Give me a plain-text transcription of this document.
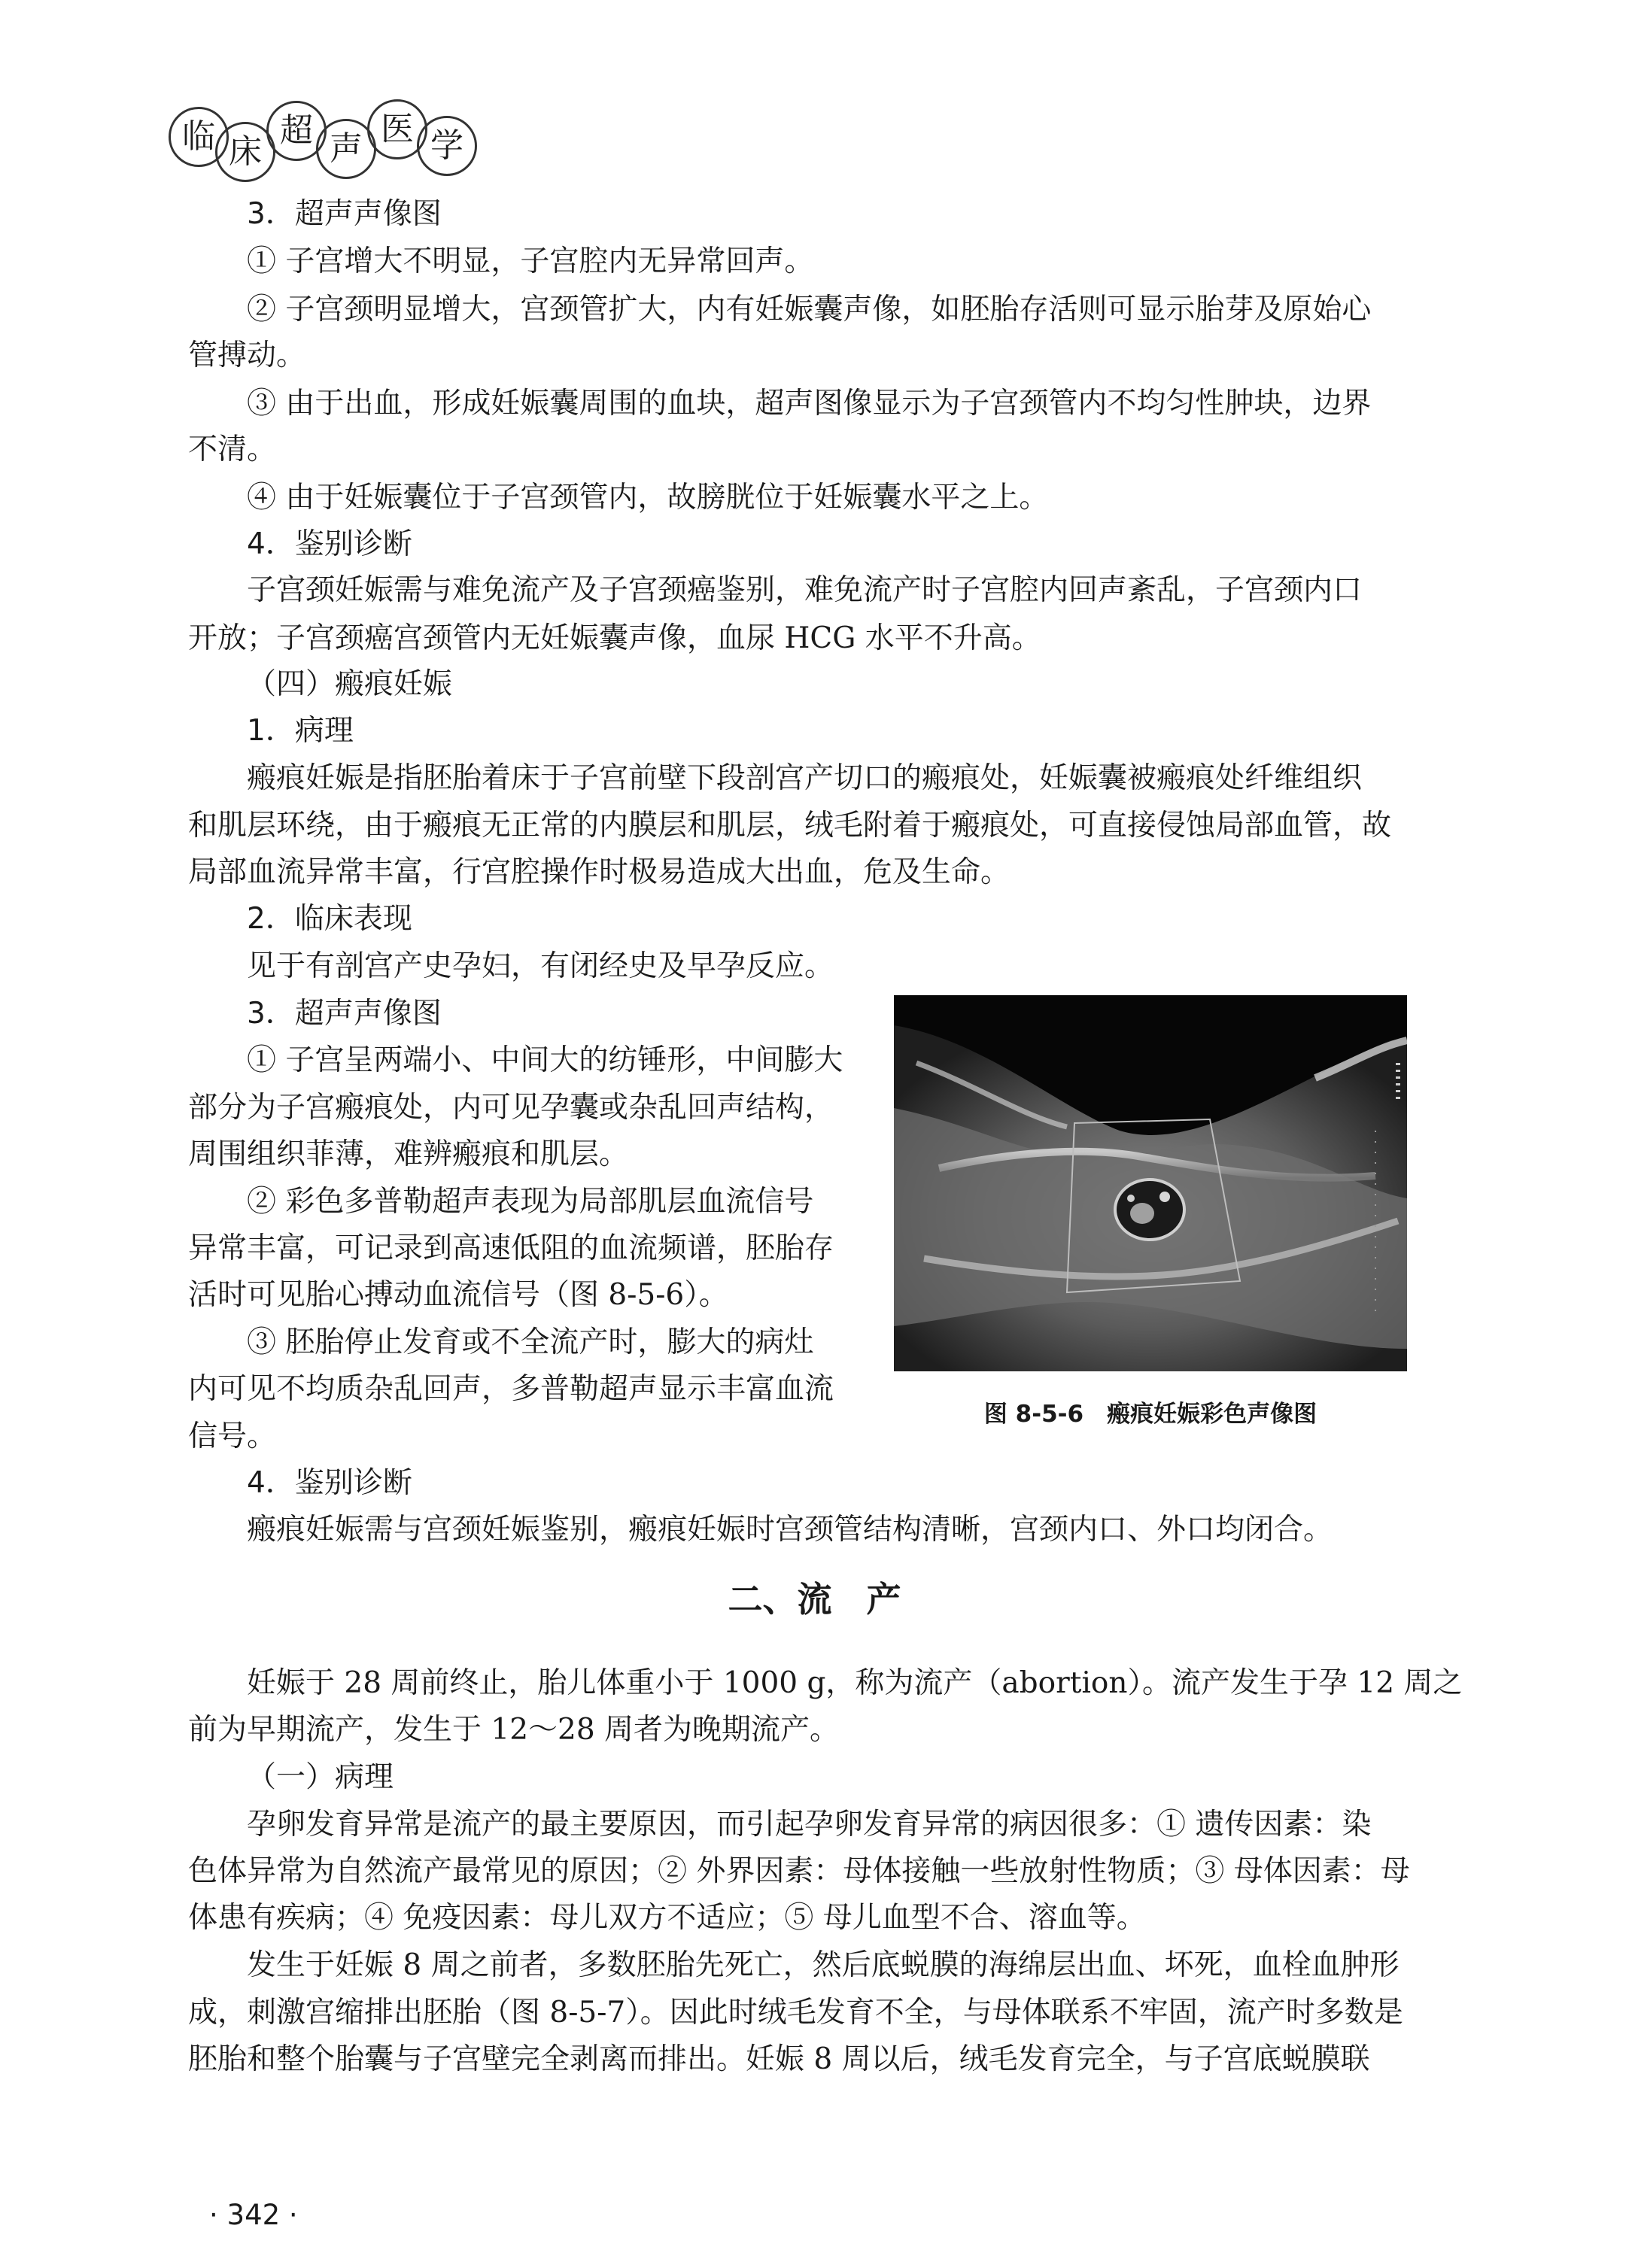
临 床
超 声
医 学
3．超声声像图
① 子宫增大不明显，子宫腔内无异常回声。
② 子宫颈明显增大，宫颈管扩大，内有妊娠囊声像，如胚胎存活则可显示胎芽及原始心
管搏动。
③ 由于出血，形成妊娠囊周围的血块，超声图像显示为子宫颈管内不均匀性肿块，边界
不清。
④ 由于妊娠囊位于子宫颈管内，故膀胱位于妊娠囊水平之上。
4．鉴别诊断
子宫颈妊娠需与难免流产及子宫颈癌鉴别，难免流产时子宫腔内回声紊乱，子宫颈内口
开放；子宫颈癌宫颈管内无妊娠囊声像，血尿 HCG 水平不升高。
（四）瘢痕妊娠
1．病理
瘢痕妊娠是指胚胎着床于子宫前壁下段剖宫产切口的瘢痕处，妊娠囊被瘢痕处纤维组织
和肌层环绕，由于瘢痕无正常的内膜层和肌层，绒毛附着于瘢痕处，可直接侵蚀局部血管，故
局部血流异常丰富，行宫腔操作时极易造成大出血，危及生命。
2．临床表现
见于有剖宫产史孕妇，有闭经史及早孕反应。
3．超声声像图
① 子宫呈两端小、中间大的纺锤形，中间膨大
部分为子宫瘢痕处，内可见孕囊或杂乱回声结构，
周围组织菲薄，难辨瘢痕和肌层。
② 彩色多普勒超声表现为局部肌层血流信号
异常丰富，可记录到高速低阻的血流频谱，胚胎存
活时可见胎心搏动血流信号（图 8-5-6）。
③ 胚胎停止发育或不全流产时，膨大的病灶
内可见不均质杂乱回声，多普勒超声显示丰富血流
信号。
4．鉴别诊断
瘢痕妊娠需与宫颈妊娠鉴别，瘢痕妊娠时宫颈管结构清晰，宫颈内口、外口均闭合。
图 8-5-6　瘢痕妊娠彩色声像图
二、流　产
妊娠于 28 周前终止，胎儿体重小于 1000 g，称为流产（abortion）。流产发生于孕 12 周之
前为早期流产，发生于 12～28 周者为晚期流产。
（一）病理
孕卵发育异常是流产的最主要原因，而引起孕卵发育异常的病因很多：① 遗传因素：染
色体异常为自然流产最常见的原因；② 外界因素：母体接触一些放射性物质；③ 母体因素：母
体患有疾病；④ 免疫因素：母儿双方不适应；⑤ 母儿血型不合、溶血等。
发生于妊娠 8 周之前者，多数胚胎先死亡，然后底蜕膜的海绵层出血、坏死，血栓血肿形
成，刺激宫缩排出胚胎（图 8-5-7）。因此时绒毛发育不全，与母体联系不牢固，流产时多数是
胚胎和整个胎囊与子宫壁完全剥离而排出。妊娠 8 周以后，绒毛发育完全，与子宫底蜕膜联
· 342 ·
